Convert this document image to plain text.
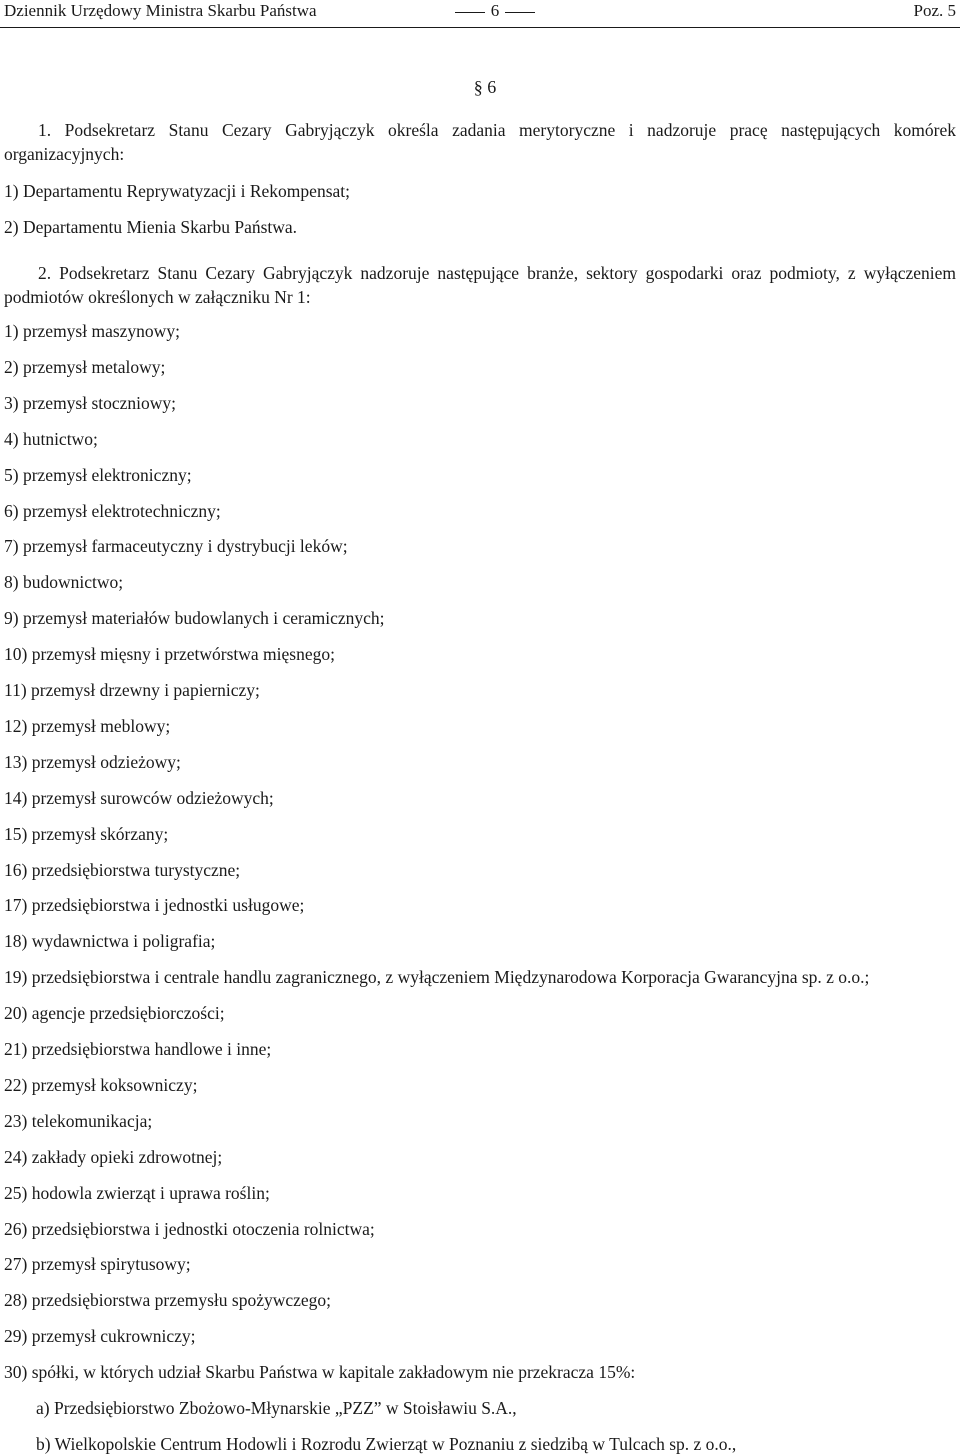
Dziennik Urzędowy Ministra Skarbu Państwa	6	Poz. 5
§ 6
1. Podsekretarz Stanu Cezary Gabryjączyk określa zadania merytoryczne i nadzoruje pracę następujących komórek organizacyjnych:
1) Departamentu Reprywatyzacji i Rekompensat;
2) Departamentu Mienia Skarbu Państwa.
2. Podsekretarz Stanu Cezary Gabryjączyk nadzoruje następujące branże, sektory gospodarki oraz podmioty, z wyłączeniem podmiotów określonych w załączniku Nr 1:
1) przemysł maszynowy;
2) przemysł metalowy;
3) przemysł stoczniowy;
4) hutnictwo;
5) przemysł elektroniczny;
6) przemysł elektrotechniczny;
7) przemysł farmaceutyczny i dystrybucji leków;
8) budownictwo;
9) przemysł materiałów budowlanych i ceramicznych;
10) przemysł mięsny i przetwórstwa mięsnego;
11) przemysł drzewny i papierniczy;
12) przemysł meblowy;
13) przemysł odzieżowy;
14) przemysł surowców odzieżowych;
15) przemysł skórzany;
16) przedsiębiorstwa turystyczne;
17) przedsiębiorstwa i jednostki usługowe;
18) wydawnictwa i poligrafia;
19) przedsiębiorstwa i centrale handlu zagranicznego, z wyłączeniem Międzynarodowa Korporacja Gwarancyjna sp. z o.o.;
20) agencje przedsiębiorczości;
21) przedsiębiorstwa handlowe i inne;
22) przemysł koksowniczy;
23) telekomunikacja;
24) zakłady opieki zdrowotnej;
25) hodowla zwierząt i uprawa roślin;
26) przedsiębiorstwa i jednostki otoczenia rolnictwa;
27) przemysł spirytusowy;
28) przedsiębiorstwa przemysłu spożywczego;
29) przemysł cukrowniczy;
30) spółki, w których udział Skarbu Państwa w kapitale zakładowym nie przekracza 15%:
a) Przedsiębiorstwo Zbożowo-Młynarskie „PZZ” w Stoisławiu S.A.,
b) Wielkopolskie Centrum Hodowli i Rozrodu Zwierząt w Poznaniu z siedzibą w Tulcach sp. z o.o.,
